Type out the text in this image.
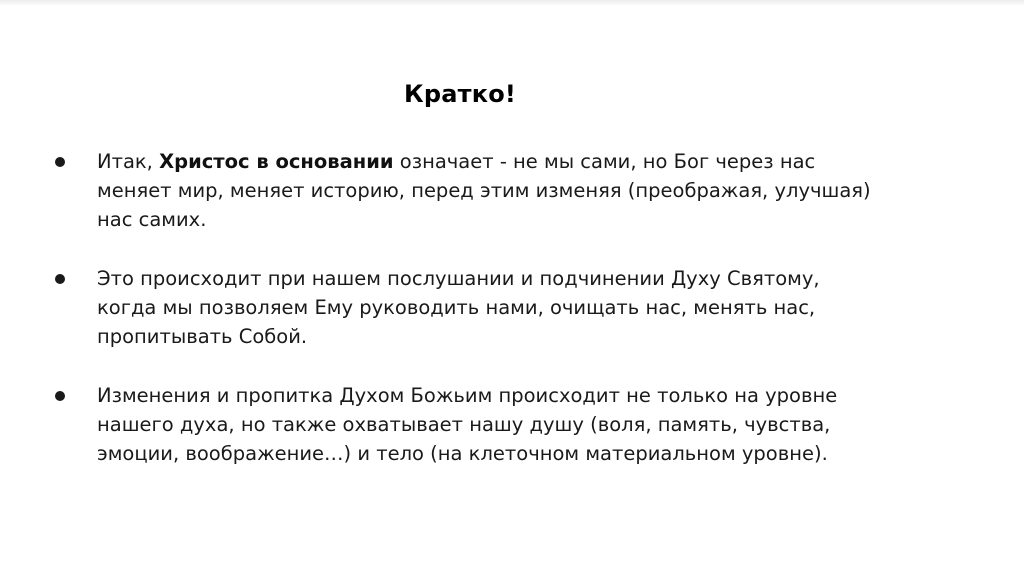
Кратко!
Итак, Христос в основании означает - не мы сами, но Бог через нас
меняет мир, меняет историю, перед этим изменяя (преображая, улучшая)
нас самих.
Это происходит при нашем послушании и подчинении Духу Святому,
когда мы позволяем Ему руководить нами, очищать нас, менять нас,
пропитывать Собой.
Изменения и пропитка Духом Божьим происходит не только на уровне
нашего духа, но также охватывает нашу душу (воля, память, чувства,
эмоции, воображение…) и тело (на клеточном материальном уровне).
